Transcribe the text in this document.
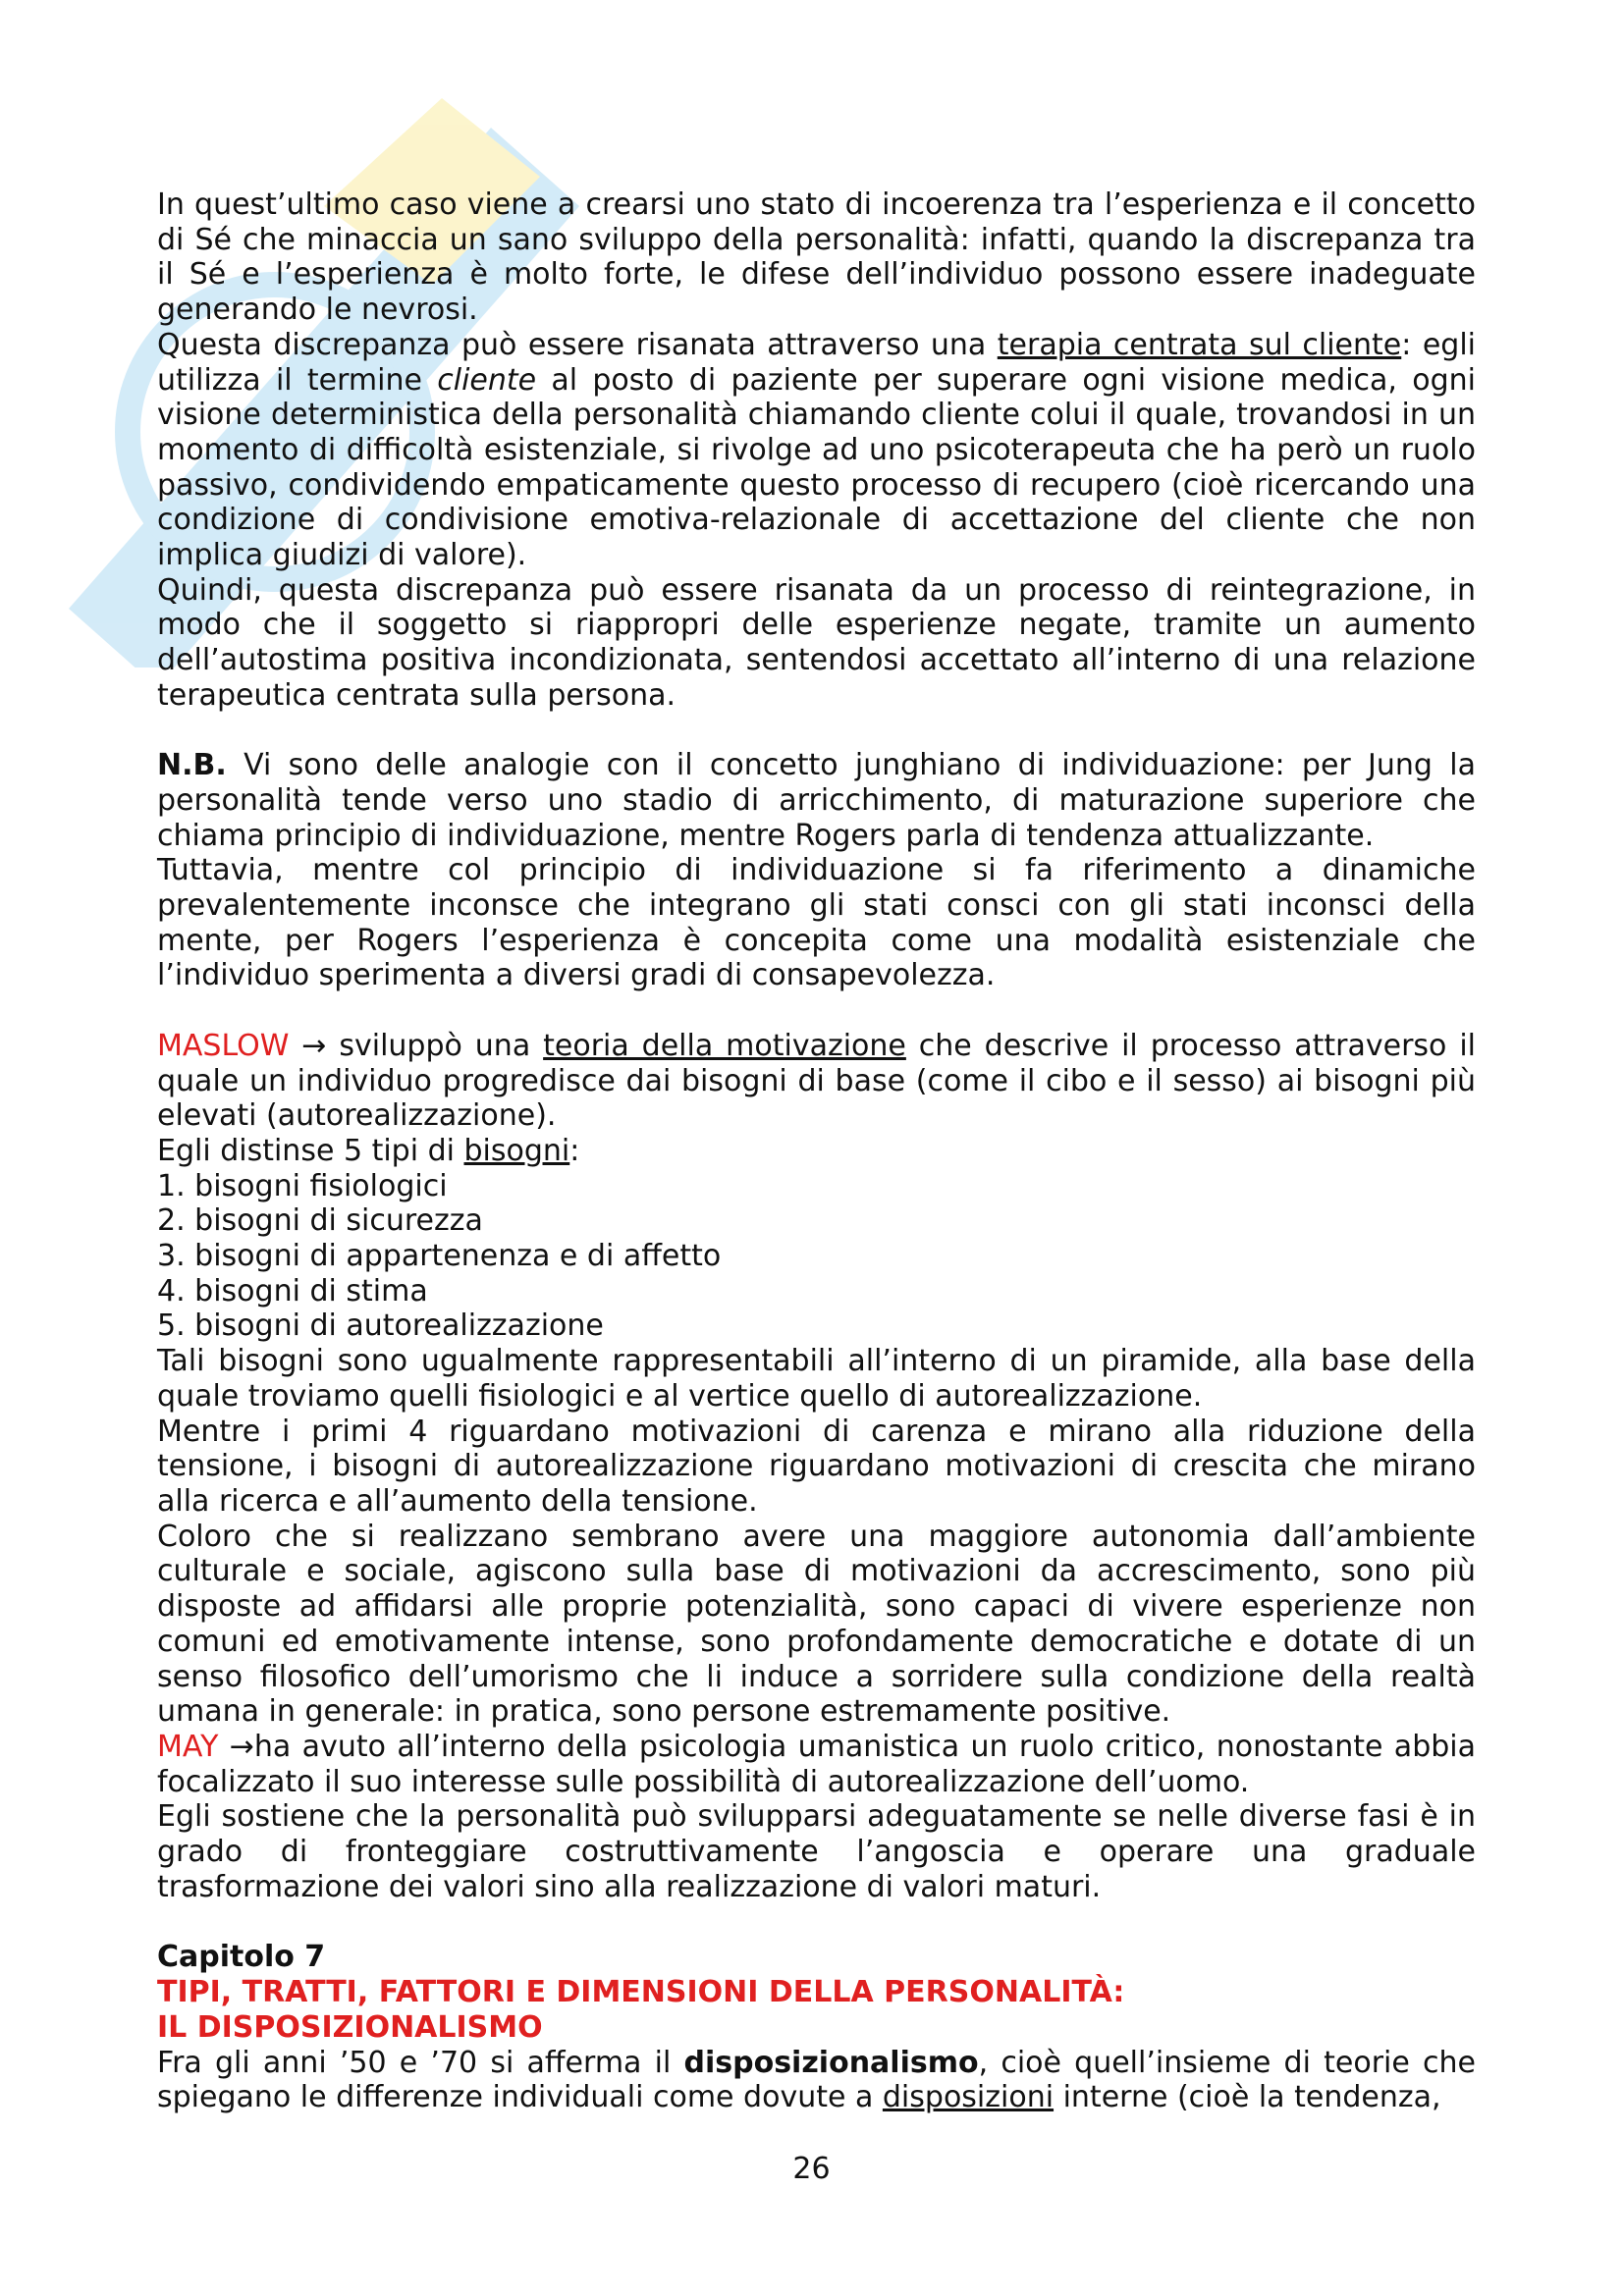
In quest’ultimo caso viene a crearsi uno stato di incoerenza tra l’esperienza e il concetto di Sé che minaccia un sano sviluppo della personalità: infatti, quando la discrepanza tra il Sé e l’esperienza è molto forte, le difese dell’individuo possono essere inadeguate generando le nevrosi.

Questa discrepanza può essere risanata attraverso una terapia centrata sul cliente: egli utilizza il termine cliente al posto di paziente per superare ogni visione medica, ogni visione deterministica della personalità chiamando cliente colui il quale, trovandosi in un momento di difficoltà esistenziale, si rivolge ad uno psicoterapeuta che ha però un ruolo passivo, condividendo empaticamente questo processo di recupero (cioè ricercando una condizione di condivisione emotiva-relazionale di accettazione del cliente che non implica giudizi di valore).

Quindi, questa discrepanza può essere risanata da un processo di reintegrazione, in modo che il soggetto si riappropri delle esperienze negate, tramite un aumento dell’autostima positiva incondizionata, sentendosi accettato all’interno di una relazione terapeutica centrata sulla persona.

N.B. Vi sono delle analogie con il concetto junghiano di individuazione: per Jung la personalità tende verso uno stadio di arricchimento, di maturazione superiore che chiama principio di individuazione, mentre Rogers parla di tendenza attualizzante.

Tuttavia, mentre col principio di individuazione si fa riferimento a dinamiche prevalentemente inconsce che integrano gli stati consci con gli stati inconsci della mente, per Rogers l’esperienza è concepita come una modalità esistenziale che l’individuo sperimenta a diversi gradi di consapevolezza.

MASLOW → sviluppò una teoria della motivazione che descrive il processo attraverso il quale un individuo progredisce dai bisogni di base (come il cibo e il sesso) ai bisogni più elevati (autorealizzazione).

Egli distinse 5 tipi di bisogni:

1. bisogni fisiologici

2. bisogni di sicurezza

3. bisogni di appartenenza e di affetto

4. bisogni di stima

5. bisogni di autorealizzazione

Tali bisogni sono ugualmente rappresentabili all’interno di un piramide, alla base della quale troviamo quelli fisiologici e al vertice quello di autorealizzazione.

Mentre i primi 4 riguardano motivazioni di carenza e mirano alla riduzione della tensione, i bisogni di autorealizzazione riguardano motivazioni di crescita che mirano alla ricerca e all’aumento della tensione.

Coloro che si realizzano sembrano avere una maggiore autonomia dall’ambiente culturale e sociale, agiscono sulla base di motivazioni da accrescimento, sono più disposte ad affidarsi alle proprie potenzialità, sono capaci di vivere esperienze non comuni ed emotivamente intense, sono profondamente democratiche e dotate di un senso filosofico dell’umorismo che li induce a sorridere sulla condizione della realtà umana in generale: in pratica, sono persone estremamente positive.

MAY →ha avuto all’interno della psicologia umanistica un ruolo critico, nonostante abbia focalizzato il suo interesse sulle possibilità di autorealizzazione dell’uomo.

Egli sostiene che la personalità può svilupparsi adeguatamente se nelle diverse fasi è in grado di fronteggiare costruttivamente l’angoscia e operare una graduale trasformazione dei valori sino alla realizzazione di valori maturi.

Capitolo 7

TIPI, TRATTI, FATTORI E DIMENSIONI DELLA PERSONALITÀ:

IL DISPOSIZIONALISMO

Fra gli anni ’50 e ’70 si afferma il disposizionalismo, cioè quell’insieme di teorie che spiegano le differenze individuali come dovute a disposizioni interne (cioè la tendenza,

26
